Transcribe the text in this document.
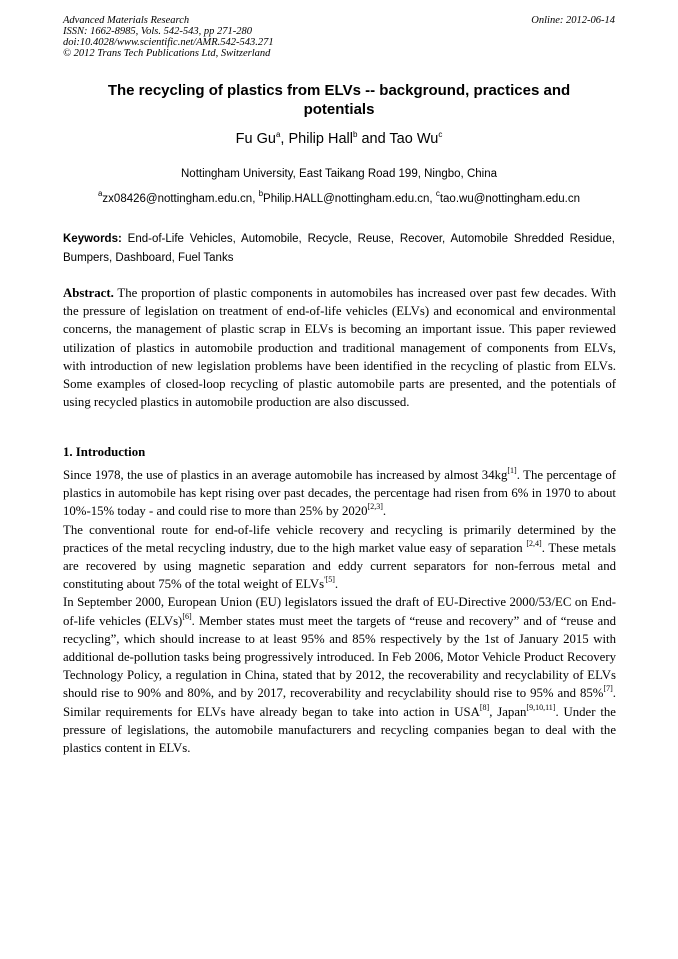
Advanced Materials Research
ISSN: 1662-8985, Vols. 542-543, pp 271-280
doi:10.4028/www.scientific.net/AMR.542-543.271
© 2012 Trans Tech Publications Ltd, Switzerland
Online: 2012-06-14
The recycling of plastics from ELVs -- background, practices and potentials
Fu Gu$^a$, Philip Hall$^b$ and Tao Wu$^c$
Nottingham University, East Taikang Road 199, Ningbo, China
$^a$zx08426@nottingham.edu.cn, $^b$Philip.HALL@nottingham.edu.cn, $^c$tao.wu@nottingham.edu.cn
Keywords: End-of-Life Vehicles, Automobile, Recycle, Reuse, Recover, Automobile Shredded Residue, Bumpers, Dashboard, Fuel Tanks
Abstract. The proportion of plastic components in automobiles has increased over past few decades. With the pressure of legislation on treatment of end-of-life vehicles (ELVs) and economical and environmental concerns, the management of plastic scrap in ELVs is becoming an important issue. This paper reviewed utilization of plastics in automobile production and traditional management of components from ELVs, with introduction of new legislation problems have been identified in the recycling of plastic from ELVs. Some examples of closed-loop recycling of plastic automobile parts are presented, and the potentials of using recycled plastics in automobile production are also discussed.
1. Introduction

Since 1978, the use of plastics in an average automobile has increased by almost 34kg[1]. The percentage of plastics in automobile has kept rising over past decades, the percentage had risen from 6% in 1970 to about 10%-15% today - and could rise to more than 25% by 2020[2,3].

The conventional route for end-of-life vehicle recovery and recycling is primarily determined by the practices of the metal recycling industry, due to the high market value easy of separation [2,4]. These metals are recovered by using magnetic separation and eddy current separators for non-ferrous metal and constituting about 75% of the total weight of ELVs$^{'[5]}$.

In September 2000, European Union (EU) legislators issued the draft of EU-Directive 2000/53/EC on End-of-life vehicles (ELVs)[6]. Member states must meet the targets of “reuse and recovery” and of “reuse and recycling”, which should increase to at least 95% and 85% respectively by the 1st of January 2015 with additional de-pollution tasks being progressively introduced. In Feb 2006, Motor Vehicle Product Recovery Technology Policy, a regulation in China, stated that by 2012, the recoverability and recyclability of ELVs should rise to 90% and 80%, and by 2017, recoverability and recyclability should rise to 95% and 85%[7]. Similar requirements for ELVs have already began to take into action in USA[8], Japan[9,10,11]. Under the pressure of legislations, the automobile manufacturers and recycling companies began to deal with the plastics content in ELVs.
